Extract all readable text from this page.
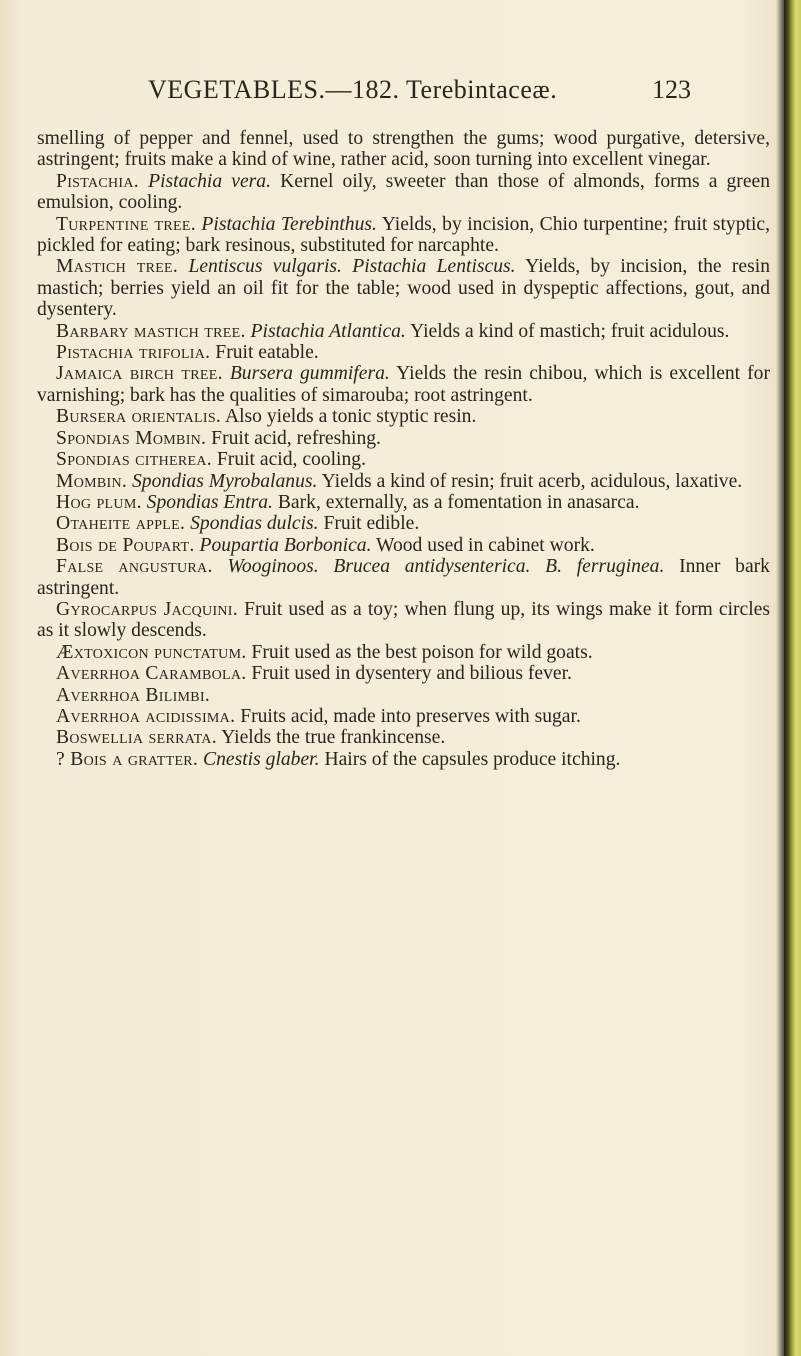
VEGETABLES.—182. Terebintaceæ.	123

smelling of pepper and fennel, used to strengthen the gums; wood purgative, detersive, astringent; fruits make a kind of wine, rather acid, soon turning into excellent vinegar.

Pistachia. Pistachia vera. Kernel oily, sweeter than those of almonds, forms a green emulsion, cooling.

Turpentine tree. Pistachia Terebinthus. Yields, by incision, Chio turpentine; fruit styptic, pickled for eating; bark resinous, substituted for narcaphte.

Mastich tree. Lentiscus vulgaris. Pistachia Lentiscus. Yields, by incision, the resin mastich; berries yield an oil fit for the table; wood used in dyspeptic affections, gout, and dysentery.

Barbary mastich tree. Pistachia Atlantica. Yields a kind of mastich; fruit acidulous.

Pistachia trifolia. Fruit eatable.

Jamaica birch tree. Bursera gummifera. Yields the resin chibou, which is excellent for varnishing; bark has the qualities of simarouba; root astringent.

Bursera orientalis. Also yields a tonic styptic resin.

Spondias Mombin. Fruit acid, refreshing.

Spondias citherea. Fruit acid, cooling.

Mombin. Spondias Myrobalanus. Yields a kind of resin; fruit acerb, acidulous, laxative.

Hog plum. Spondias Entra. Bark, externally, as a fomentation in anasarca.

Otaheite apple. Spondias dulcis. Fruit edible.

Bois de Poupart. Poupartia Borbonica. Wood used in cabinet work.

False angustura. Wooginoos. Brucea antidysenterica. B. ferruginea. Inner bark astringent.

Gyrocarpus Jacquini. Fruit used as a toy; when flung up, its wings make it form circles as it slowly descends.

Æxtoxicon punctatum. Fruit used as the best poison for wild goats.

Averrhoa Carambola. Fruit used in dysentery and bilious fever.

Averrhoa Bilimbi.

Averrhoa acidissima. Fruits acid, made into preserves with sugar.

Boswellia serrata. Yields the true frankincense.

? Bois a gratter. Cnestis glaber. Hairs of the capsules produce itching.
